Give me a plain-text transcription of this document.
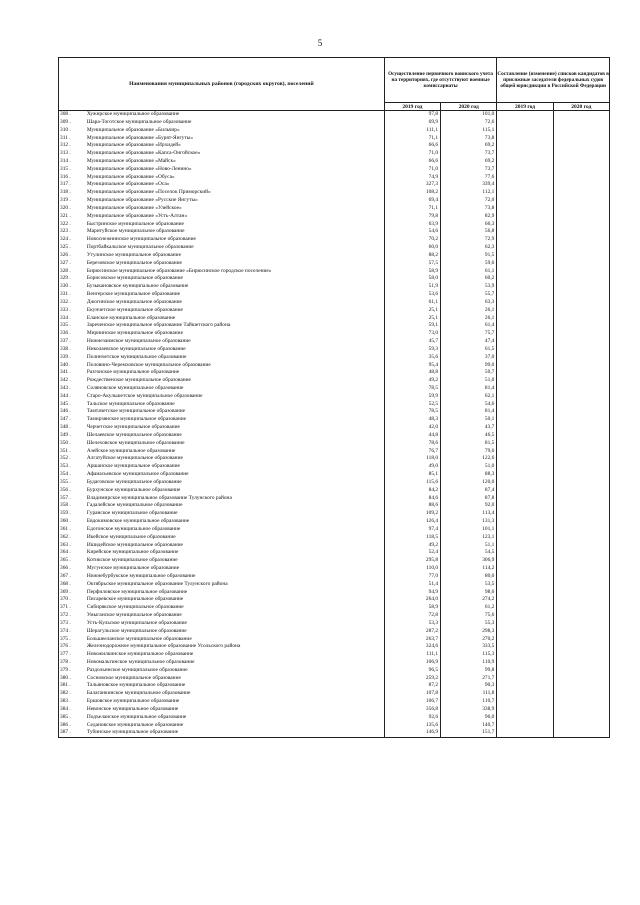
5
Наименования муниципальных районов (городских округов), поселений		Осуществление первичного воинского учета на территориях, где отсутствуют военные комиссариаты		Составление (изменение) списков кандидатов в присяжные заседатели федеральных судов общей юрисдикции в Российской Федерации	
		2019 год	2020 год	2019 год	2020 год
308 .	Хужирское муниципальное образование	97,8	101,0		
309 .	Шара-Тоготское муниципальное образование	69,9	72,6		
310 .	Муниципальное образование «Бильчир»	111,1	115,1		
311 .	Муниципальное образование «Бурят-Янгуты»	71,1	73,8		
312 .	Муниципальное образование «Ирхидей»	66,6	69,2		
313 .	Муниципальное образование «Капса-Онгойское»	71,0	73,7		
314 .	Муниципальное образование «Майск»	66,6	69,2		
315 .	Муниципальное образование «Ново-Ленино»	71,0	73,7		
316 .	Муниципальное образование «Обуса»	74,9	77,6		
317 .	Муниципальное образование «Оса»	327,3	339,4		
318 .	Муниципальное образование «Поселок Приморский»	108,2	112,1		
319 .	Муниципальное образование «Русские Янгуты»	69,4	72,0		
320 .	Муниципальное образование «Улейское»	71,1	73,8		
321 .	Муниципальное образование «Усть-Алтан»	79,8	82,9		
322 .	Быстринское муниципальное образование	63,9	66,3		
323 .	Маритуйское муниципальное образование	54,6	56,8		
324 .	Новоснежнинское муниципальное образование	70,2	72,9		
325 .	Портбайкальское муниципальное образование	60,0	62,3		
326 .	Утулинское муниципальное образование	88,2	91,5		
327 .	Березовское муниципальное образование	57,5	59,6		
328 .	Бирюсинское муниципальное образование «Бирюсинское городское поселение»	58,9	61,1		
329 .	Борисовское муниципальное образование	58,0	60,2		
330 .	Бузыкановское муниципальное образование	51,9	53,9		
331 .	Венгерское муниципальное образование	53,6	55,7		
332 .	Джогинское муниципальное образование	61,1	63,3		
333 .	Екунчетское муниципальное образование	25,1	26,1		
334 .	Еланское муниципальное образование	25,1	26,1		
335 .	Зареченское муниципальное образование Тайшетского района	59,1	61,4		
336 .	Мирнинское муниципальное образование	73,0	75,7		
337 .	Нижнезаимское муниципальное образование	45,7	47,4		
338 .	Николаевское муниципальное образование	59,3	61,5		
339 .	Полинчетское муниципальное образование	35,6	37,0		
340 .	Половино-Черемховское муниципальное образование	95,4	99,0		
341 .	Разгонское муниципальное образование	48,8	50,7		
342 .	Рождественское муниципальное образование	49,2	51,0		
343 .	Соляновское муниципальное образование	78,5	81,4		
344 .	Старо-Акульшетское муниципальное образование	59,9	62,1		
345 .	Тальское муниципальное образование	52,5	54,6		
346 .	Тамтачетское муниципальное образование	78,5	81,4		
347 .	Тамирзянское муниципальное образование	48,3	50,1		
348 .	Черчетское муниципальное образование	42,0	43,7		
349 .	Шелаевское муниципальное образование	44,8	46,5		
350 .	Шелеховское муниципальное образование	78,6	81,5		
351 .	Азейское муниципальное образование	76,7	79,6		
352 .	Алгатуйское муниципальное образование	118,0	122,6		
353 .	Аршанское муниципальное образование	49,0	51,0		
354 .	Афанасьевское муниципальное образование	85,1	88,3		
355 .	Будаговское муниципальное образование	115,6	120,0		
356 .	Бурхунское муниципальное образование	84,2	87,4		
357 .	Владимирское муниципальное образование Тулунского района	84,6	87,8		
358 .	Гадалейское муниципальное образование	88,6	92,0		
359 .	Гуранское муниципальное образование	109,2	113,4		
360 .	Евдокимовское муниципальное образование	126,4	131,3		
361 .	Едогонское муниципальное образование	97,4	101,1		
362 .	Икейское муниципальное образование	118,5	123,1		
363 .	Ишидейское муниципальное образование	49,2	51,1		
364 .	Кирейское муниципальное образование	52,4	54,5		
365 .	Котикское муниципальное образование	295,8	306,9		
366 .	Мугунское муниципальное образование	110,0	114,2		
367 .	Нижнебурбукское муниципальное образование	77,0	80,0		
368 .	Октябрьское муниципальное образование Тулунского района	51,4	53,5		
369 .	Перфиловское муниципальное образование	94,9	98,6		
370 .	Писаревское муниципальное образование	264,0	274,2		
371 .	Сибирякское муниципальное образование	58,9	61,2		
372 .	Умыганское муниципальное образование	72,8	75,6		
373 .	Усть-Кульское муниципальное образование	53,3	55,3		
374 .	Шерагульское муниципальное образование	287,2	298,3		
375 .	Большееланское муниципальное образование	263,7	270,2		
376 .	Железнодорожное муниципальное образование Усольского района	324,6	333,5		
377 .	Новожилкинское муниципальное образование	111,1	115,3		
378 .	Новомальтинское муниципальное образование	106,9	110,9		
379 .	Раздольинское муниципальное образование	96,5	99,8		
380 .	Сосновское муниципальное образование	259,2	271,7		
381 .	Тальяновское муниципальное образование	87,2	90,3		
382 .	Балаганкинское муниципальное образование	107,8	111,8		
383 .	Ершовское муниципальное образование	106,7	110,7		
384 .	Невонское муниципальное образование	356,8	338,9		
385 .	Подъеланское муниципальное образование	92,6	96,0		
386 .	Седановское муниципальное образование	135,6	140,7		
387 .	Тубинское муниципальное образование	146,9	151,7		
